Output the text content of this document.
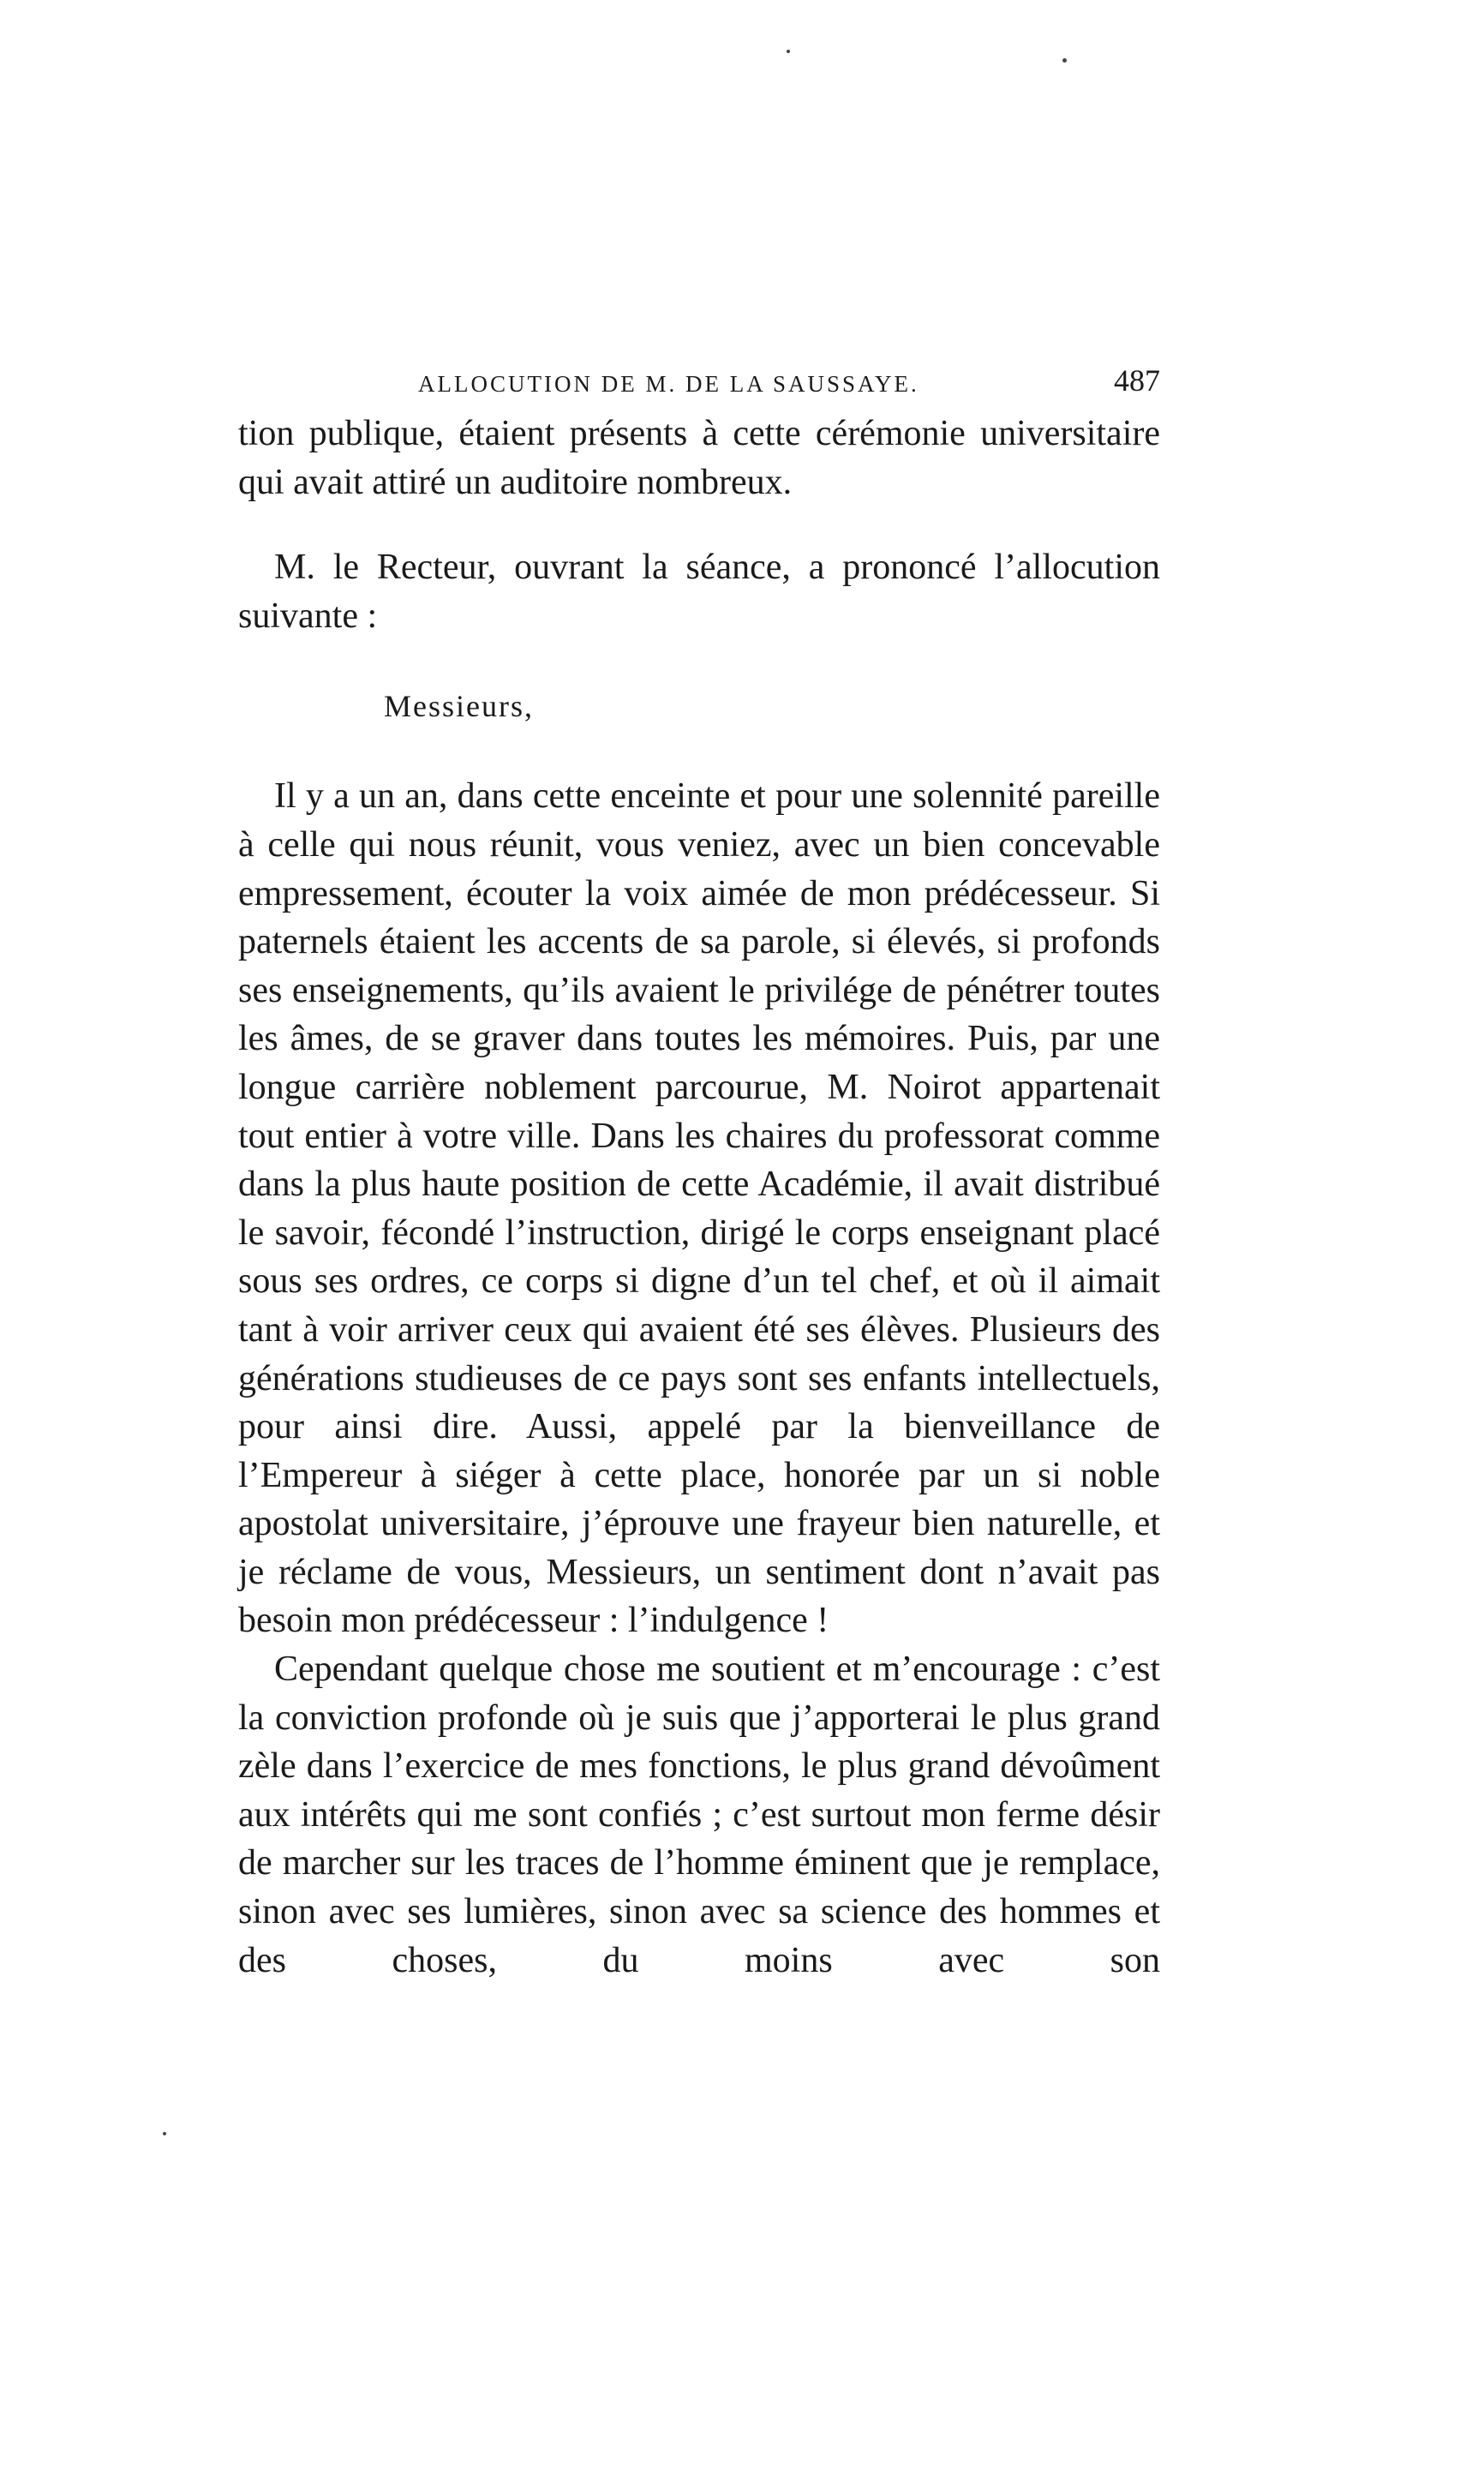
ALLOCUTION DE M. DE LA SAUSSAYE.	487

tion publique, étaient présents à cette cérémonie universitaire qui avait attiré un auditoire nombreux.

M. le Recteur, ouvrant la séance, a prononcé l’allocution suivante :

Messieurs,

Il y a un an, dans cette enceinte et pour une solennité pareille à celle qui nous réunit, vous veniez, avec un bien concevable empressement, écouter la voix aimée de mon prédécesseur. Si paternels étaient les accents de sa parole, si élevés, si profonds ses enseignements, qu’ils avaient le privilége de pénétrer toutes les âmes, de se graver dans toutes les mémoires. Puis, par une longue carrière noblement parcourue, M. Noirot appartenait tout entier à votre ville. Dans les chaires du professorat comme dans la plus haute position de cette Académie, il avait distribué le savoir, fécondé l’instruction, dirigé le corps enseignant placé sous ses ordres, ce corps si digne d’un tel chef, et où il aimait tant à voir arriver ceux qui avaient été ses élèves. Plusieurs des générations studieuses de ce pays sont ses enfants intellectuels, pour ainsi dire. Aussi, appelé par la bienveillance de l’Empereur à siéger à cette place, honorée par un si noble apostolat universitaire, j’éprouve une frayeur bien naturelle, et je réclame de vous, Messieurs, un sentiment dont n’avait pas besoin mon prédécesseur : l’indulgence !

Cependant quelque chose me soutient et m’encourage : c’est la conviction profonde où je suis que j’apporterai le plus grand zèle dans l’exercice de mes fonctions, le plus grand dévoûment aux intérêts qui me sont confiés ; c’est surtout mon ferme désir de marcher sur les traces de l’homme éminent que je remplace, sinon avec ses lumières, sinon avec sa science des hommes et des choses, du moins avec son
